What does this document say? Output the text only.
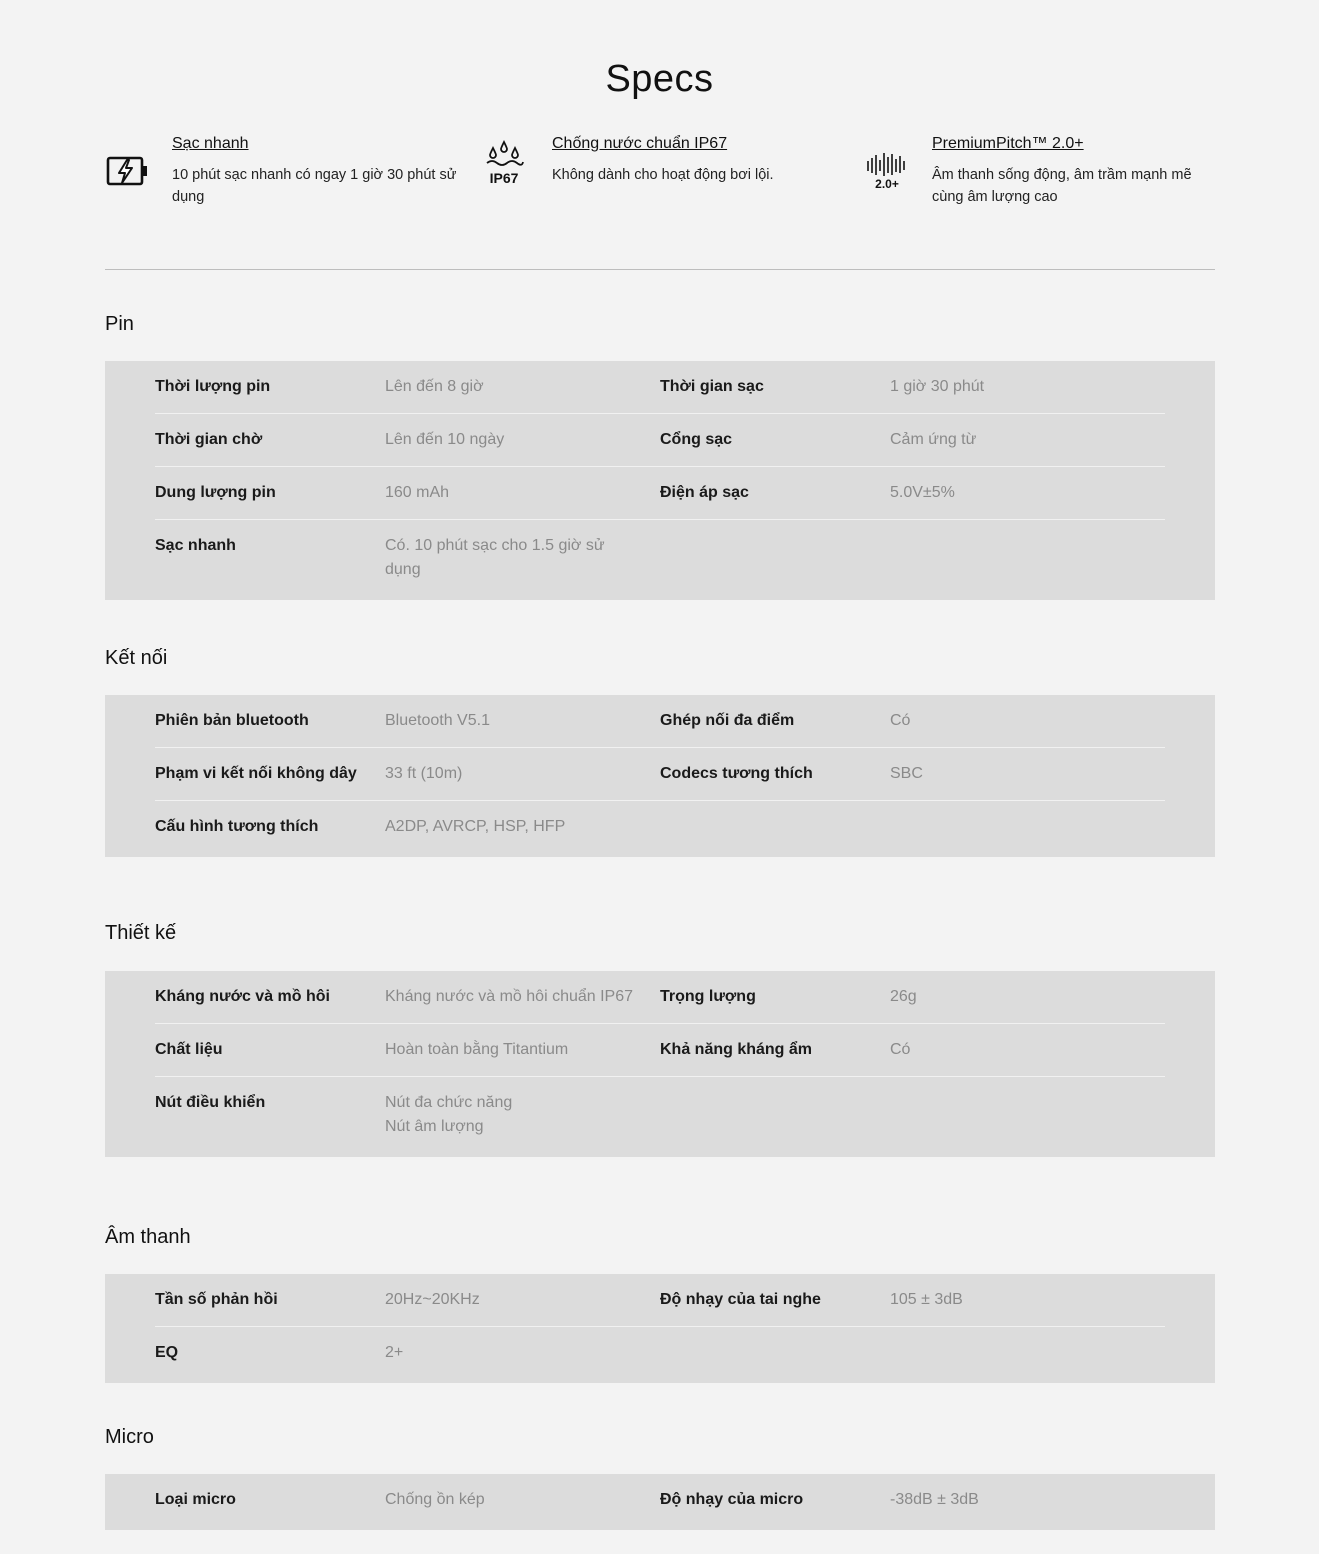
Specs
Sạc nhanh
10 phút sạc nhanh có ngay 1 giờ 30 phút sử dụng
IP67
Chống nước chuẩn IP67
Không dành cho hoạt động bơi lội.
2.0+
PremiumPitch™ 2.0+
Âm thanh sống động, âm trầm mạnh mẽ cùng âm lượng cao
Pin
Thời lượng pin	Lên đến 8 giờ	Thời gian sạc	1 giờ 30 phút
Thời gian chờ	Lên đến 10 ngày	Cổng sạc	Cảm ứng từ
Dung lượng pin	160 mAh	Điện áp sạc	5.0V±5%
Sạc nhanh	Có. 10 phút sạc cho 1.5 giờ sử dụng
Kết nối
Phiên bản bluetooth	Bluetooth V5.1	Ghép nối đa điểm	Có
Phạm vi kết nối không dây	33 ft (10m)	Codecs tương thích	SBC
Cấu hình tương thích	A2DP, AVRCP, HSP, HFP
Thiết kế
Kháng nước và mồ hôi	Kháng nước và mồ hôi chuẩn IP67	Trọng lượng	26g
Chất liệu	Hoàn toàn bằng Titantium	Khả năng kháng ẩm	Có
Nút điều khiển	Nút đa chức năng
Nút âm lượng
Âm thanh
Tần số phản hồi	20Hz~20KHz	Độ nhạy của tai nghe	105 ± 3dB
EQ	2+
Micro
Loại micro	Chống ồn kép	Độ nhạy của micro	-38dB ± 3dB
